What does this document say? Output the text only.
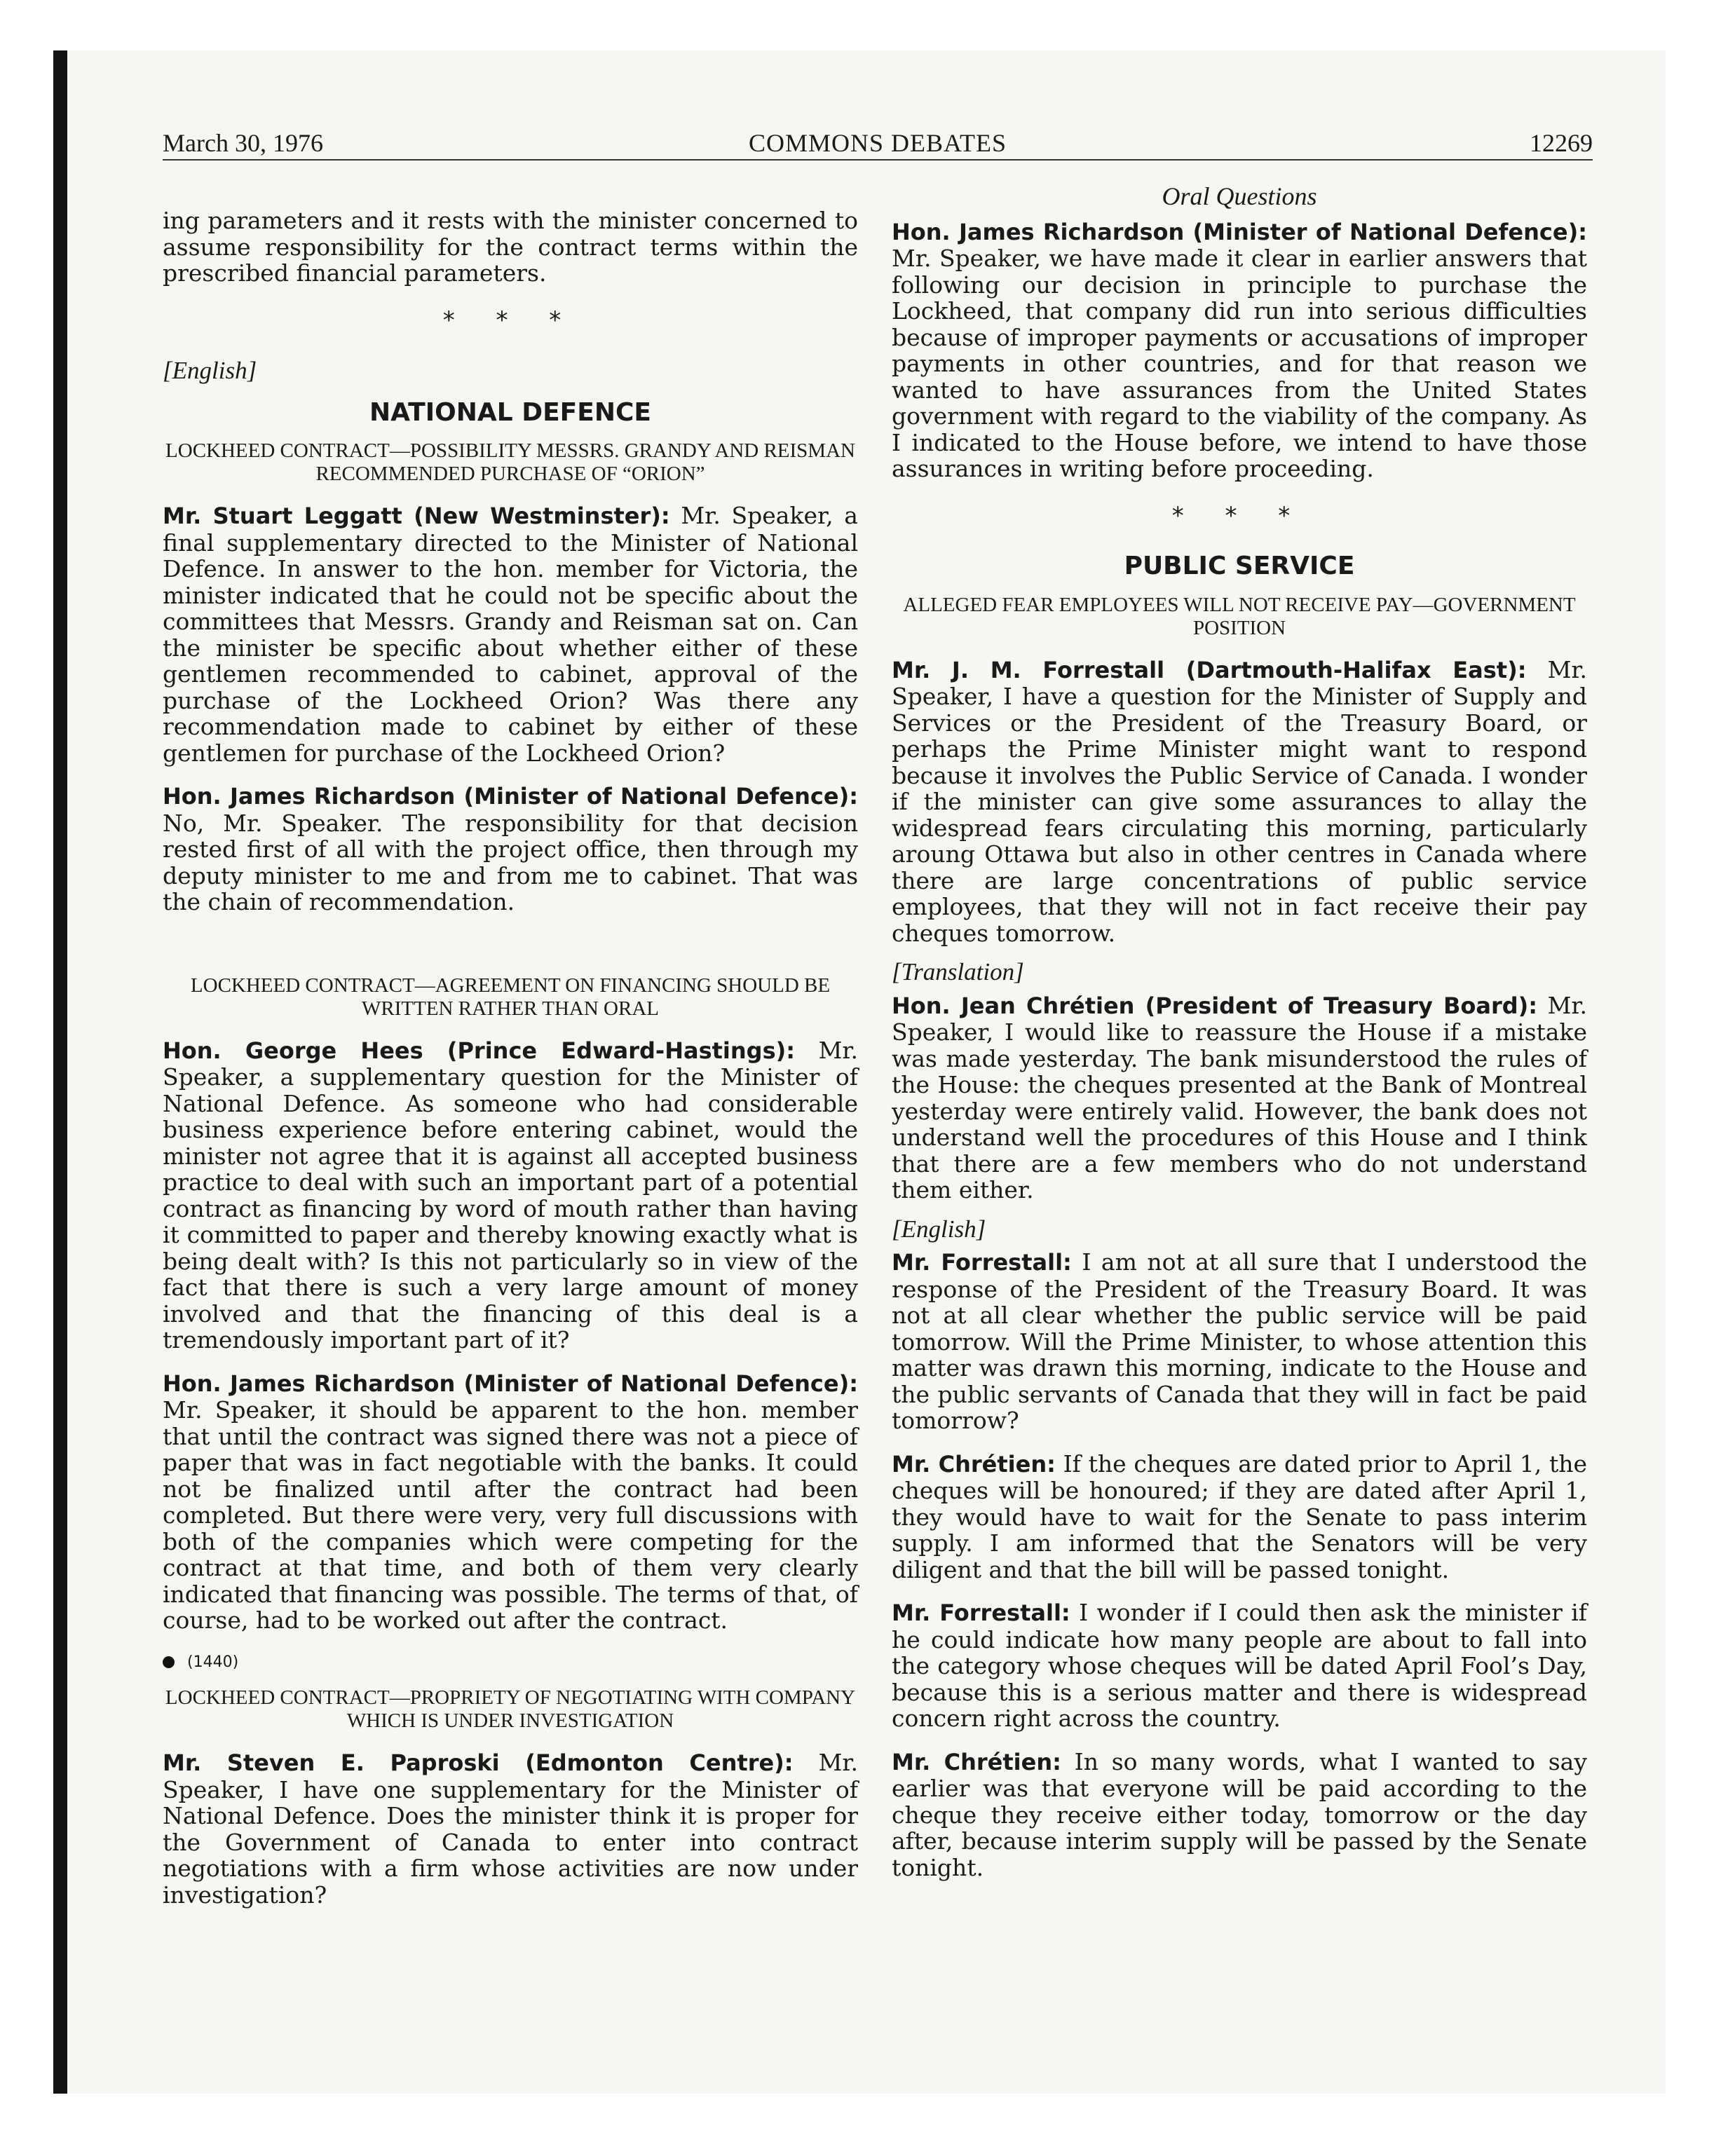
March 30, 1976	COMMONS DEBATES	12269

ing parameters and it rests with the minister concerned to assume responsibility for the contract terms within the prescribed financial parameters.

* * *
[English]
NATIONAL DEFENCE
LOCKHEED CONTRACT—POSSIBILITY MESSRS. GRANDY AND REISMAN RECOMMENDED PURCHASE OF “ORION”

Mr. Stuart Leggatt (New Westminster): Mr. Speaker, a final supplementary directed to the Minister of National Defence. In answer to the hon. member for Victoria, the minister indicated that he could not be specific about the committees that Messrs. Grandy and Reisman sat on. Can the minister be specific about whether either of these gentlemen recommended to cabinet, approval of the purchase of the Lockheed Orion? Was there any recommendation made to cabinet by either of these gentlemen for purchase of the Lockheed Orion?

Hon. James Richardson (Minister of National Defence): No, Mr. Speaker. The responsibility for that decision rested first of all with the project office, then through my deputy minister to me and from me to cabinet. That was the chain of recommendation.

LOCKHEED CONTRACT—AGREEMENT ON FINANCING SHOULD BE WRITTEN RATHER THAN ORAL

Hon. George Hees (Prince Edward-Hastings): Mr. Speaker, a supplementary question for the Minister of National Defence. As someone who had considerable business experience before entering cabinet, would the minister not agree that it is against all accepted business practice to deal with such an important part of a potential contract as financing by word of mouth rather than having it committed to paper and thereby knowing exactly what is being dealt with? Is this not particularly so in view of the fact that there is such a very large amount of money involved and that the financing of this deal is a tremendously important part of it?

Hon. James Richardson (Minister of National Defence): Mr. Speaker, it should be apparent to the hon. member that until the contract was signed there was not a piece of paper that was in fact negotiable with the banks. It could not be finalized until after the contract had been completed. But there were very, very full discussions with both of the companies which were competing for the contract at that time, and both of them very clearly indicated that financing was possible. The terms of that, of course, had to be worked out after the contract.

(1440)
LOCKHEED CONTRACT—PROPRIETY OF NEGOTIATING WITH COMPANY WHICH IS UNDER INVESTIGATION

Mr. Steven E. Paproski (Edmonton Centre): Mr. Speaker, I have one supplementary for the Minister of National Defence. Does the minister think it is proper for the Government of Canada to enter into contract negotiations with a firm whose activities are now under investigation?

Oral Questions

Hon. James Richardson (Minister of National Defence): Mr. Speaker, we have made it clear in earlier answers that following our decision in principle to purchase the Lockheed, that company did run into serious difficulties because of improper payments or accusations of improper payments in other countries, and for that reason we wanted to have assurances from the United States government with regard to the viability of the company. As I indicated to the House before, we intend to have those assurances in writing before proceeding.

* * *
PUBLIC SERVICE
ALLEGED FEAR EMPLOYEES WILL NOT RECEIVE PAY—GOVERNMENT POSITION

Mr. J. M. Forrestall (Dartmouth-Halifax East): Mr. Speaker, I have a question for the Minister of Supply and Services or the President of the Treasury Board, or perhaps the Prime Minister might want to respond because it involves the Public Service of Canada. I wonder if the minister can give some assurances to allay the widespread fears circulating this morning, particularly aroung Ottawa but also in other centres in Canada where there are large concentrations of public service employees, that they will not in fact receive their pay cheques tomorrow.

[Translation]

Hon. Jean Chrétien (President of Treasury Board): Mr. Speaker, I would like to reassure the House if a mistake was made yesterday. The bank misunderstood the rules of the House: the cheques presented at the Bank of Montreal yesterday were entirely valid. However, the bank does not understand well the procedures of this House and I think that there are a few members who do not understand them either.

[English]

Mr. Forrestall: I am not at all sure that I understood the response of the President of the Treasury Board. It was not at all clear whether the public service will be paid tomorrow. Will the Prime Minister, to whose attention this matter was drawn this morning, indicate to the House and the public servants of Canada that they will in fact be paid tomorrow?

Mr. Chrétien: If the cheques are dated prior to April 1, the cheques will be honoured; if they are dated after April 1, they would have to wait for the Senate to pass interim supply. I am informed that the Senators will be very diligent and that the bill will be passed tonight.

Mr. Forrestall: I wonder if I could then ask the minister if he could indicate how many people are about to fall into the category whose cheques will be dated April Fool’s Day, because this is a serious matter and there is widespread concern right across the country.

Mr. Chrétien: In so many words, what I wanted to say earlier was that everyone will be paid according to the cheque they receive either today, tomorrow or the day after, because interim supply will be passed by the Senate tonight.
